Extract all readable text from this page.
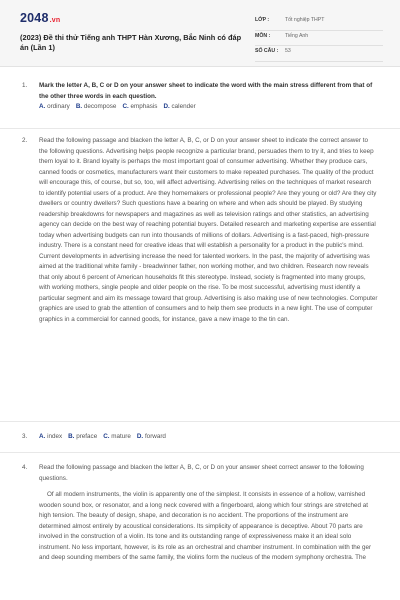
2048.vn
(2023) Đề thi thử Tiếng anh THPT Hàn Xương, Bắc Ninh có đáp án (Lần 1)
LỚP :	Tốt nghiệp THPT
MÔN :	Tiếng Anh
SỐ CÂU :	53
1. Mark the letter A, B, C or D on your answer sheet to indicate the word with the main stress different from that of the other three words in each question.
A. ordinary B. decompose C. emphasis D. calender
2. Read the following passage and blacken the letter A, B, C, or D on your answer sheet to indicate the correct answer to the following questions. Advertising helps people recognize a particular brand, persuades them to try it, and tries to keep them loyal to it. Brand loyalty is perhaps the most important goal of consumer advertising. Whether they produce cars, canned foods or cosmetics, manufacturers want their customers to make repeated purchases. The quality of the product will encourage this, of course, but so, too, will affect advertising. Advertising relies on the techniques of market research to identify potential users of a product. Are they homemakers or professional people? Are they young or old? Are they city dwellers or country dwellers? Such questions have a bearing on where and when ads should be played. By studying readership breakdowns for newspapers and magazines as well as television ratings and other statistics, an advertising agency can decide on the best way of reaching potential buyers. Detailed research and marketing expertise are essential today when advertising budgets can run into thousands of millions of dollars. Advertising is a fast-paced, high-pressure industry. There is a constant need for creative ideas that will establish a personality for a product in the public's mind. Current developments in advertising increase the need for talented workers. In the past, the majority of advertising was aimed at the traditional white family - breadwinner father, non working mother, and two children. Research now reveals that only about 6 percent of American households fit this stereotype. Instead, society is fragmented into many groups, with working mothers, single people and older people on the rise. To be most successful, advertising must identify a particular segment and aim its message toward that group. Advertising is also making use of new technologies. Computer graphics are used to grab the attention of consumers and to help them see products in a new light. The use of computer graphics in a commercial for canned goods, for instance, gave a new image to the tin can.
3. A. index B. preface C. mature D. forward
4. Read the following passage and blacken the letter A, B, C, or D on your answer sheet correct answer to the following questions.
Of all modern instruments, the violin is apparently one of the simplest. It consists in essence of a hollow, varnished wooden sound box, or resonator, and a long neck covered with a fingerboard, along which four strings are stretched at high tension. The beauty of design, shape, and decoration is no accident. The proportions of the instrument are determined almost entirely by acoustical considerations. Its simplicity of appearance is deceptive. About 70 parts are involved in the construction of a violin. Its tone and its outstanding range of expressiveness make it an ideal solo instrument. No less important, however, is its role as an orchestral and chamber instrument. In combination with the ger and deep sounding members of the same family, the violins form the nucleus of the modern symphony orchestra. The
